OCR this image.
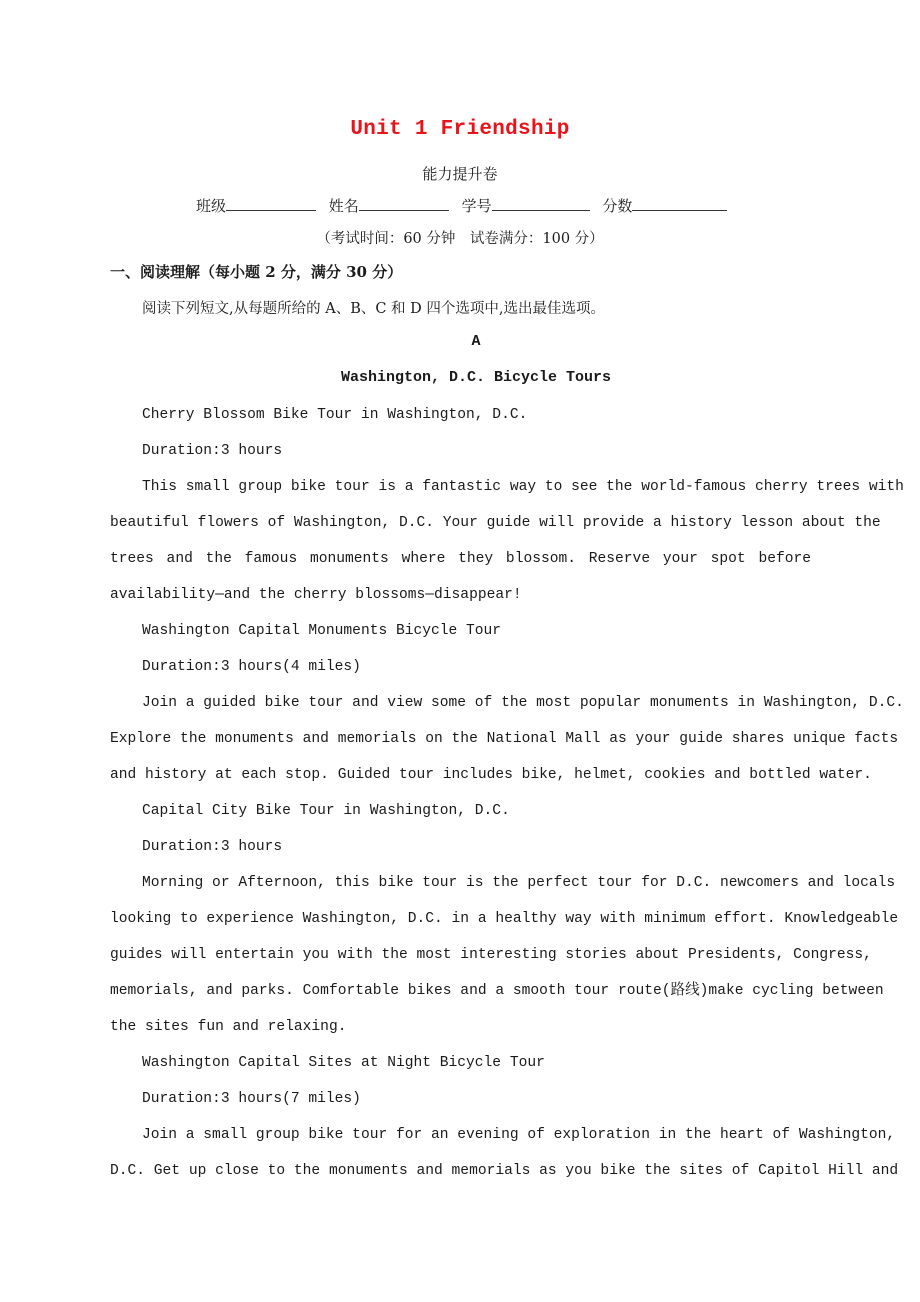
Unit 1 Friendship
能力提升卷
班级	姓名	学号	分数
（考试时间：60 分钟　试卷满分：100 分）
一、阅读理解（每小题 2 分，满分 30 分）
阅读下列短文,从每题所给的 A、B、C 和 D 四个选项中,选出最佳选项。
A
Washington, D.C. Bicycle Tours
Cherry Blossom Bike Tour in Washington, D.C.
Duration:3 hours
This small group bike tour is a fantastic way to see the world-famous cherry trees with
beautiful flowers of Washington, D.C. Your guide will provide a history lesson about the
trees and the famous monuments where they blossom. Reserve your spot before
availability—and the cherry blossoms—disappear!
Washington Capital Monuments Bicycle Tour
Duration:3 hours(4 miles)
Join a guided bike tour and view some of the most popular monuments in Washington, D.C.
Explore the monuments and memorials on the National Mall as your guide shares unique facts
and history at each stop. Guided tour includes bike, helmet, cookies and bottled water.
Capital City Bike Tour in Washington, D.C.
Duration:3 hours
Morning or Afternoon, this bike tour is the perfect tour for D.C. newcomers and locals
looking to experience Washington, D.C. in a healthy way with minimum effort. Knowledgeable
guides will entertain you with the most interesting stories about Presidents, Congress,
memorials, and parks. Comfortable bikes and a smooth tour route(路线)make cycling between
the sites fun and relaxing.
Washington Capital Sites at Night Bicycle Tour
Duration:3 hours(7 miles)
Join a small group bike tour for an evening of exploration in the heart of Washington,
D.C. Get up close to the monuments and memorials as you bike the sites of Capitol Hill and
